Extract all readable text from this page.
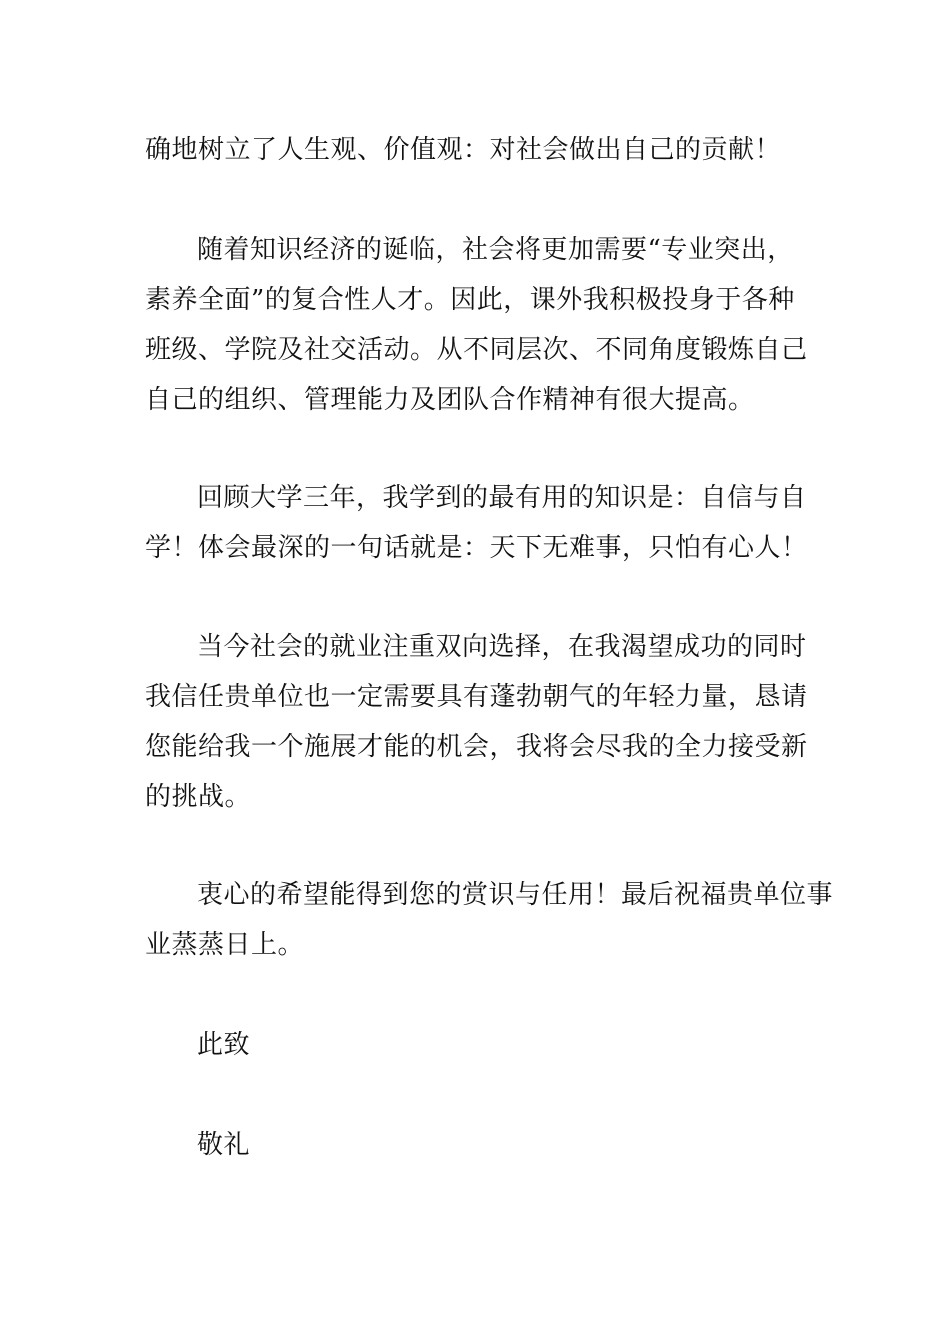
确地树立了人生观、价值观：对社会做出自己的贡献！
随着知识经济的诞临，社会将更加需要“专业突出，
素养全面”的复合性人才。因此，课外我积极投身于各种
班级、学院及社交活动。从不同层次、不同角度锻炼自己
自己的组织、管理能力及团队合作精神有很大提高。
回顾大学三年，我学到的最有用的知识是：自信与自
学！体会最深的一句话就是：天下无难事，只怕有心人！
当今社会的就业注重双向选择，在我渴望成功的同时
我信任贵单位也一定需要具有蓬勃朝气的年轻力量，恳请
您能给我一个施展才能的机会，我将会尽我的全力接受新
的挑战。
衷心的希望能得到您的赏识与任用！最后祝福贵单位事
业蒸蒸日上。
此致
敬礼
